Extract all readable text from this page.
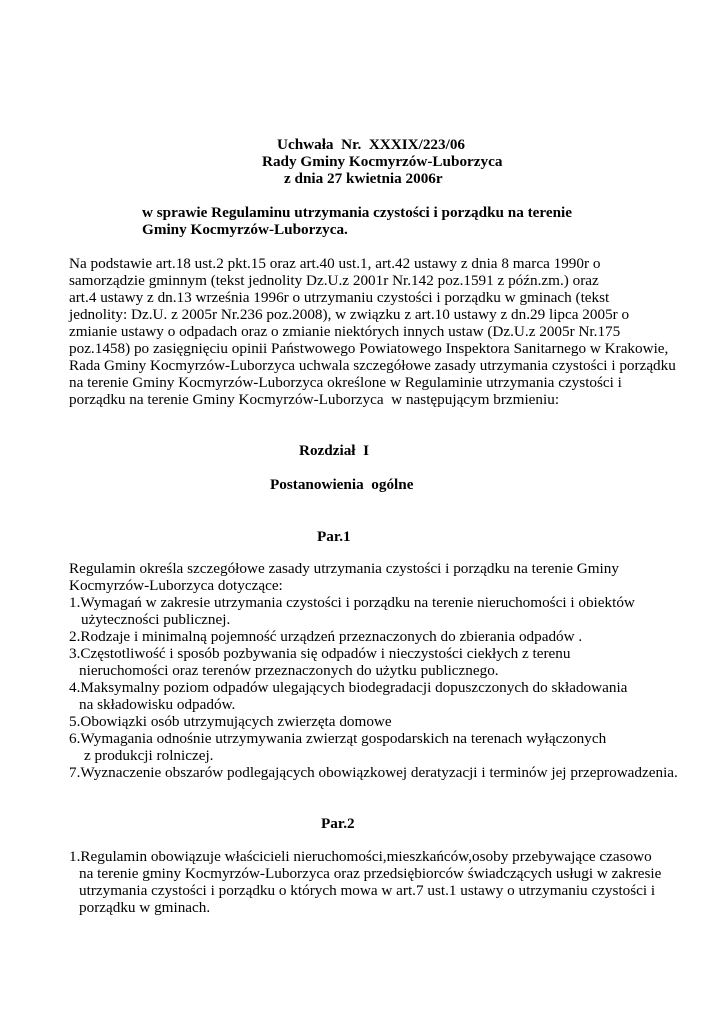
Uchwała  Nr.  XXXIX/223/06
Rady Gminy Kocmyrzów-Luborzyca
z dnia 27 kwietnia 2006r
w sprawie Regulaminu utrzymania czystości i porządku na terenie
Gminy Kocmyrzów-Luborzyca.
Na podstawie art.18 ust.2 pkt.15 oraz art.40 ust.1, art.42 ustawy z dnia 8 marca 1990r o
samorządzie gminnym (tekst jednolity Dz.U.z 2001r Nr.142 poz.1591 z późn.zm.) oraz
art.4 ustawy z dn.13 września 1996r o utrzymaniu czystości i porządku w gminach (tekst
jednolity: Dz.U. z 2005r Nr.236 poz.2008), w związku z art.10 ustawy z dn.29 lipca 2005r o
zmianie ustawy o odpadach oraz o zmianie niektórych innych ustaw (Dz.U.z 2005r Nr.175
poz.1458) po zasięgnięciu opinii Państwowego Powiatowego Inspektora Sanitarnego w Krakowie,
Rada Gminy Kocmyrzów-Luborzyca uchwala szczegółowe zasady utrzymania czystości i porządku
na terenie Gminy Kocmyrzów-Luborzyca określone w Regulaminie utrzymania czystości i
porządku na terenie Gminy Kocmyrzów-Luborzyca  w następującym brzmieniu:
Rozdział  I
Postanowienia  ogólne
Par.1
Regulamin określa szczegółowe zasady utrzymania czystości i porządku na terenie Gminy
Kocmyrzów-Luborzyca dotyczące:
1.Wymagań w zakresie utrzymania czystości i porządku na terenie nieruchomości i obiektów
użyteczności publicznej.
2.Rodzaje i minimalną pojemność urządzeń przeznaczonych do zbierania odpadów .
3.Częstotliwość i sposób pozbywania się odpadów i nieczystości ciekłych z terenu
nieruchomości oraz terenów przeznaczonych do użytku publicznego.
4.Maksymalny poziom odpadów ulegających biodegradacji dopuszczonych do składowania
na składowisku odpadów.
5.Obowiązki osób utrzymujących zwierzęta domowe
6.Wymagania odnośnie utrzymywania zwierząt gospodarskich na terenach wyłączonych
z produkcji rolniczej.
7.Wyznaczenie obszarów podlegających obowiązkowej deratyzacji i terminów jej przeprowadzenia.
Par.2
1.Regulamin obowiązuje właścicieli nieruchomości,mieszkańców,osoby przebywające czasowo
na terenie gminy Kocmyrzów-Luborzyca oraz przedsiębiorców świadczących usługi w zakresie
utrzymania czystości i porządku o których mowa w art.7 ust.1 ustawy o utrzymaniu czystości i
porządku w gminach.
